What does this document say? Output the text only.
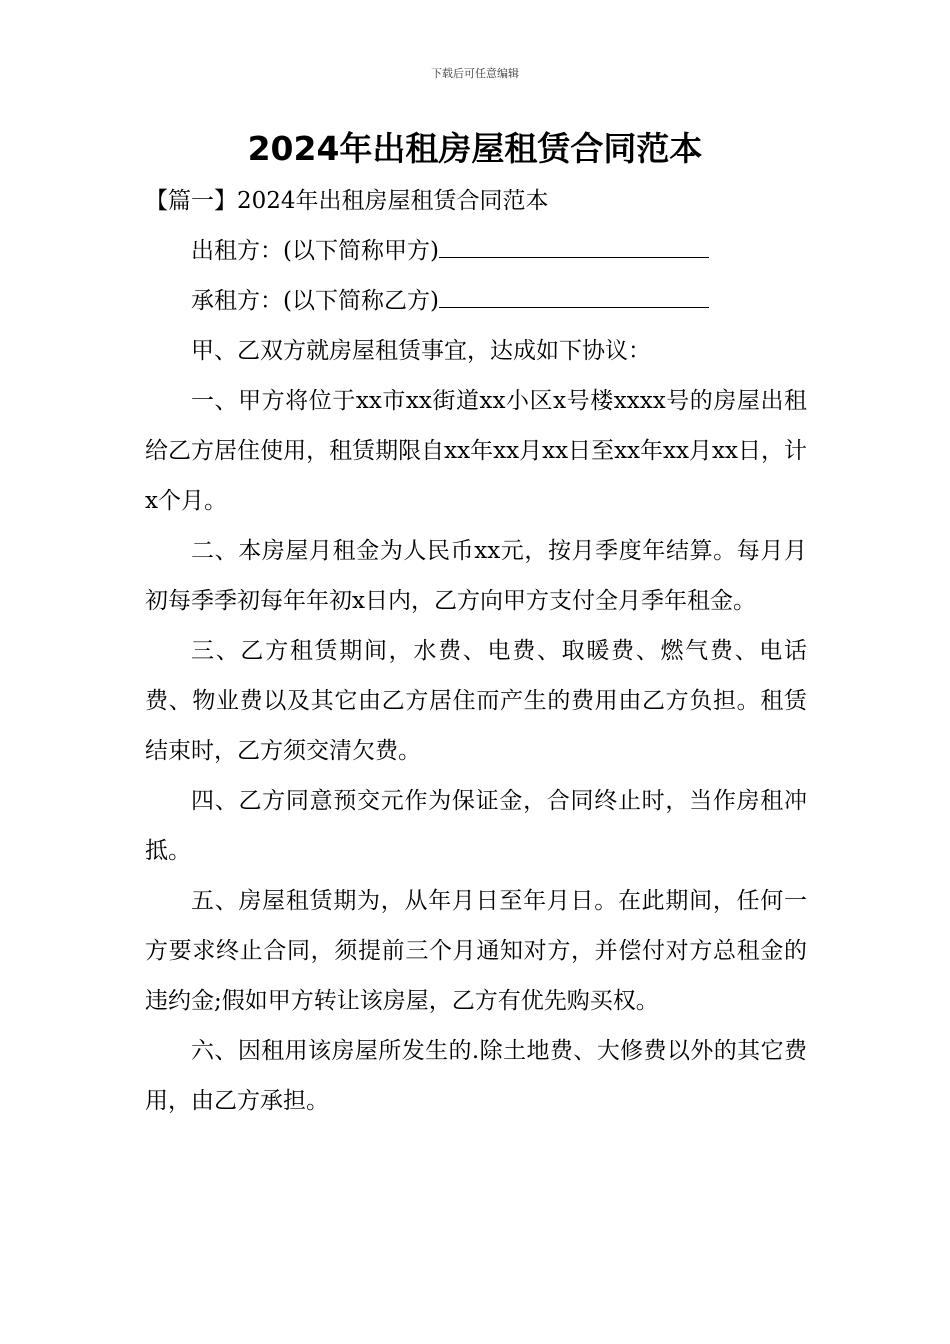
下载后可任意编辑
2024年出租房屋租赁合同范本

【篇一】2024年出租房屋租赁合同范本

出租方：(以下简称甲方)

承租方：(以下简称乙方)

甲、乙双方就房屋租赁事宜，达成如下协议：

一、甲方将位于xx市xx街道xx小区x号楼xxxx号的房屋出租给乙方居住使用，租赁期限自xx年xx月xx日至xx年xx月xx日，计x个月。

二、本房屋月租金为人民币xx元，按月季度年结算。每月月初每季季初每年年初x日内，乙方向甲方支付全月季年租金。

三、乙方租赁期间，水费、电费、取暖费、燃气费、电话费、物业费以及其它由乙方居住而产生的费用由乙方负担。租赁结束时，乙方须交清欠费。

四、乙方同意预交元作为保证金，合同终止时，当作房租冲抵。

五、房屋租赁期为，从年月日至年月日。在此期间，任何一方要求终止合同，须提前三个月通知对方，并偿付对方总租金的违约金;假如甲方转让该房屋，乙方有优先购买权。

六、因租用该房屋所发生的.除土地费、大修费以外的其它费用，由乙方承担。
